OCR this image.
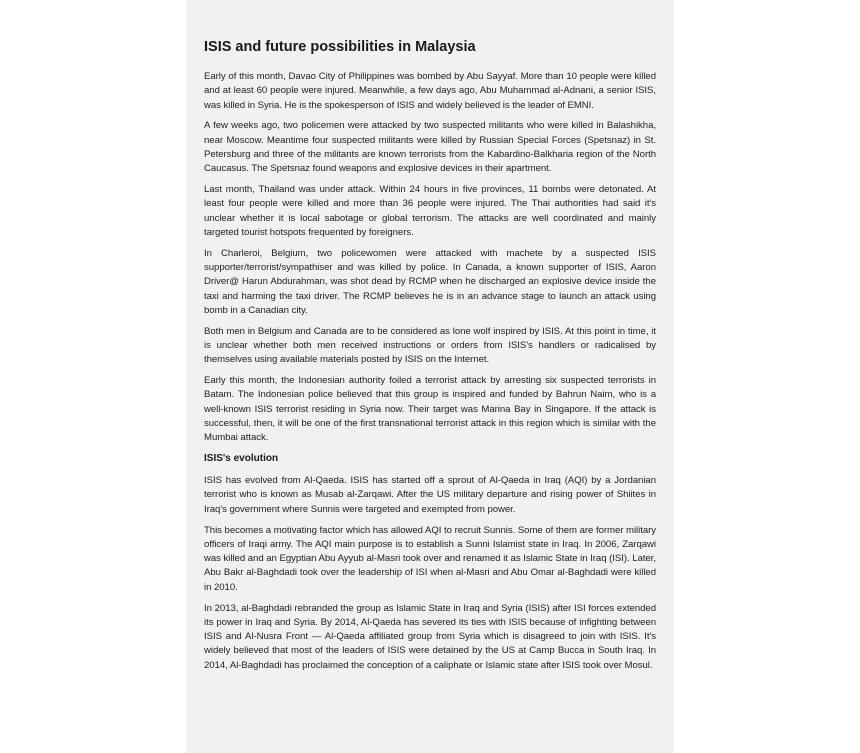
ISIS and future possibilities in Malaysia

Early of this month, Davao City of Philippines was bombed by Abu Sayyaf. More than 10 people were killed and at least 60 people were injured. Meanwhile, a few days ago, Abu Muhammad al-Adnani, a senior ISIS, was killed in Syria. He is the spokesperson of ISIS and widely believed is the leader of EMNI.

A few weeks ago, two policemen were attacked by two suspected militants who were killed in Balashikha, near Moscow. Meantime four suspected militants were killed by Russian Special Forces (Spetsnaz) in St. Petersburg and three of the militants are known terrorists from the Kabardino-Balkharia region of the North Caucasus. The Spetsnaz found weapons and explosive devices in their apartment.

Last month, Thailand was under attack. Within 24 hours in five provinces, 11 bombs were detonated. At least four people were killed and more than 36 people were injured. The Thai authorities had said it's unclear whether it is local sabotage or global terrorism. The attacks are well coordinated and mainly targeted tourist hotspots frequented by foreigners.

In Charleroi, Belgium, two policewomen were attacked with machete by a suspected ISIS supporter/terrorist/sympathiser and was killed by police. In Canada, a known supporter of ISIS, Aaron Driver@ Harun Abdurahman, was shot dead by RCMP when he discharged an explosive device inside the taxi and harming the taxi driver. The RCMP believes he is in an advance stage to launch an attack using bomb in a Canadian city.

Both men in Belgium and Canada are to be considered as lone wolf inspired by ISIS. At this point in time, it is unclear whether both men received instructions or orders from ISIS's handlers or radicalised by themselves using available materials posted by ISIS on the Internet.

Early this month, the Indonesian authority foiled a terrorist attack by arresting six suspected terrorists in Batam. The Indonesian police believed that this group is inspired and funded by Bahrun Naim, who is a well-known ISIS terrorist residing in Syria now. Their target was Marina Bay in Singapore. If the attack is successful, then, it will be one of the first transnational terrorist attack in this region which is similar with the Mumbai attack.

ISIS's evolution

ISIS has evolved from Al-Qaeda. ISIS has started off a sprout of Al-Qaeda in Iraq (AQI) by a Jordanian terrorist who is known as Musab al-Zarqawi. After the US military departure and rising power of Shiites in Iraq's government where Sunnis were targeted and exempted from power.

This becomes a motivating factor which has allowed AQI to recruit Sunnis. Some of them are former military officers of Iraqi army. The AQI main purpose is to establish a Sunni Islamist state in Iraq. In 2006, Zarqawi was killed and an Egyptian Abu Ayyub al-Masri took over and renamed it as Islamic State in Iraq (ISI). Later, Abu Bakr al-Baghdadi took over the leadership of ISI when al-Masri and Abu Omar al-Baghdadi were killed in 2010.

In 2013, al-Baghdadi rebranded the group as Islamic State in Iraq and Syria (ISIS) after ISI forces extended its power in Iraq and Syria. By 2014, Al-Qaeda has severed its ties with ISIS because of infighting between ISIS and Al-Nusra Front — Al-Qaeda affiliated group from Syria which is disagreed to join with ISIS. It's widely believed that most of the leaders of ISIS were detained by the US at Camp Bucca in South Iraq. In 2014, Al-Baghdadi has proclaimed the conception of a caliphate or Islamic state after ISIS took over Mosul.
